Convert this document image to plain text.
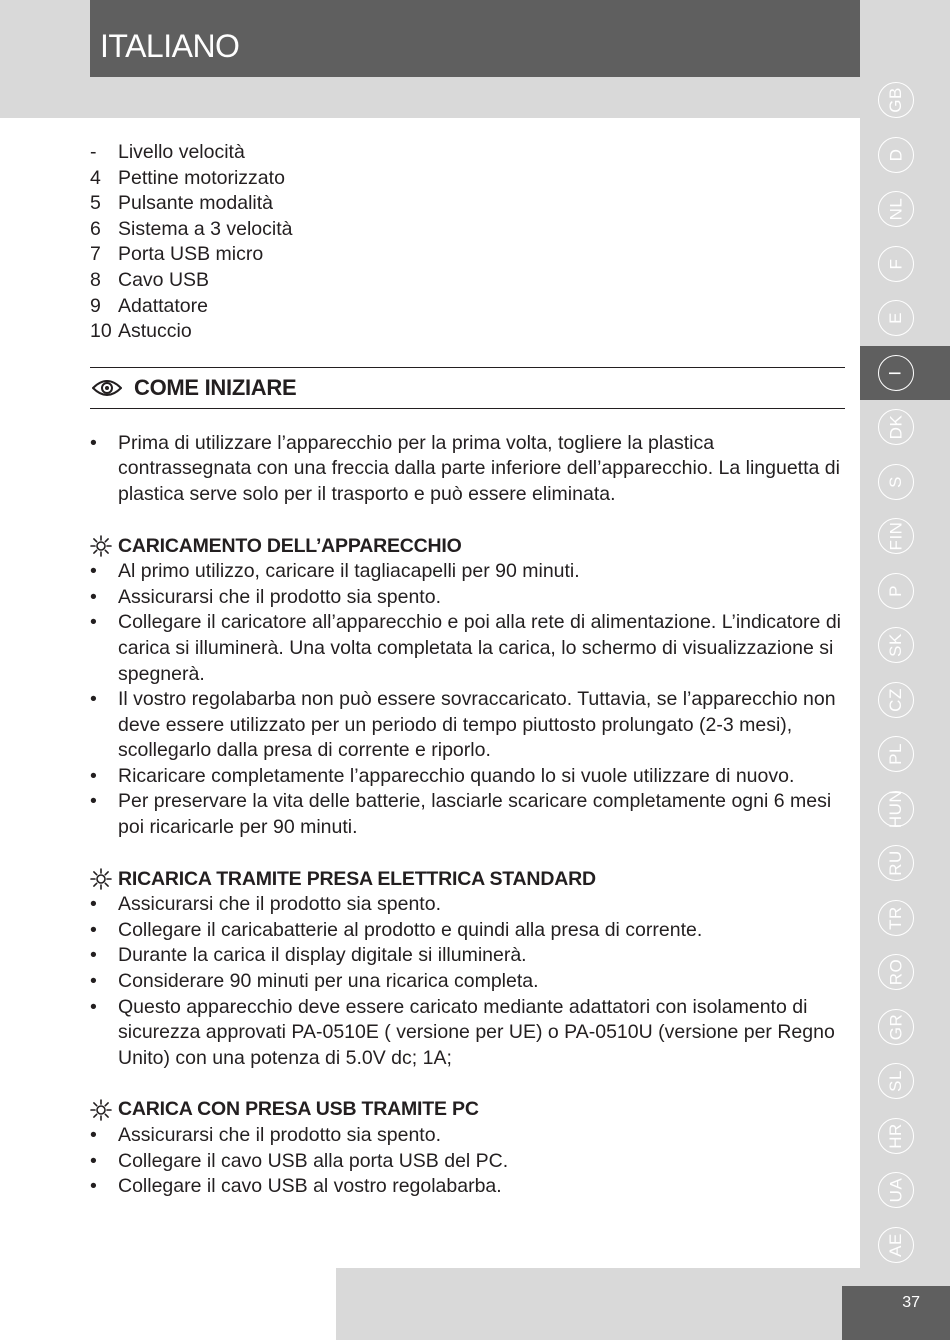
ITALIANO
GB
D
NL
F
E
I
DK
S
FIN
P
SK
CZ
PL
HUN
RU
TR
RO
GR
SL
HR
UA
AE
37
-	Livello velocità
4 Pettine motorizzato
5 Pulsante modalità
6 Sistema a 3 velocità
7 Porta USB micro
8 Cavo USB
9 Adattatore
10 Astuccio
COME INIZIARE
•	Prima di utilizzare l’apparecchio per la prima volta, togliere la plastica contrassegnata con una freccia dalla parte inferiore dell’apparecchio. La linguetta di plastica serve solo per il trasporto e può essere eliminata.
CARICAMENTO DELL’APPARECCHIO
•	Al primo utilizzo, caricare il tagliacapelli per 90 minuti.
•	Assicurarsi che il prodotto sia spento.
•	Collegare il caricatore all’apparecchio e poi alla rete di alimentazione. L’indicatore di carica si illuminerà. Una volta completata la carica, lo schermo di visualizzazione si spegnerà.
•	Il vostro regolabarba non può essere sovraccaricato. Tuttavia, se l’apparecchio non deve essere utilizzato per un periodo di tempo piuttosto prolungato (2-3 mesi), scollegarlo dalla presa di corrente e riporlo.
•	Ricaricare completamente l’apparecchio quando lo si vuole utilizzare di nuovo.
•	Per preservare la vita delle batterie, lasciarle scaricare completamente ogni 6 mesi poi ricaricarle per 90 minuti.
RICARICA TRAMITE PRESA ELETTRICA STANDARD
•	Assicurarsi che il prodotto sia spento.
•	Collegare il caricabatterie al prodotto e quindi alla presa di corrente.
•	Durante la carica il display digitale si illuminerà.
•	Considerare 90 minuti per una ricarica completa.
•	Questo apparecchio deve essere caricato mediante adattatori con isolamento di sicurezza approvati PA-0510E ( versione per UE) o PA-0510U (versione per Regno Unito) con una potenza di 5.0V dc; 1A;
CARICA CON PRESA USB TRAMITE PC
•	Assicurarsi che il prodotto sia spento.
•	Collegare il cavo USB alla porta USB del PC.
•	Collegare il cavo USB al vostro regolabarba.
